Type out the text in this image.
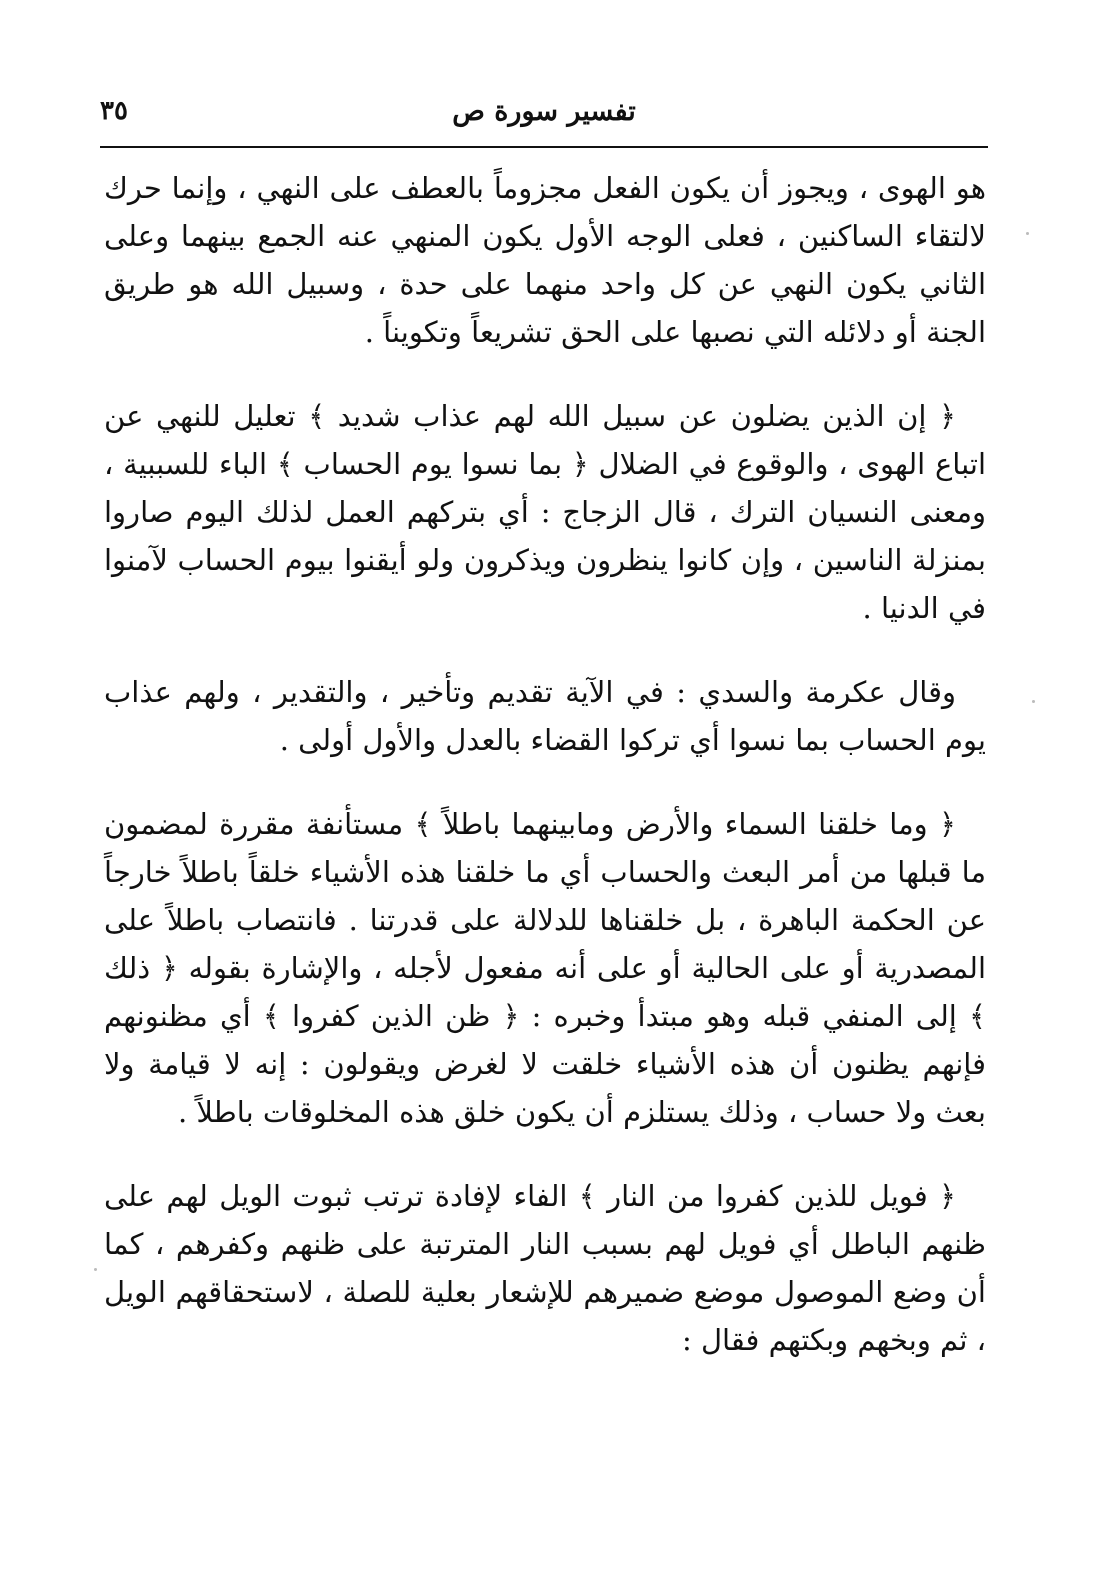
تفسير سورة ص
٣٥

هو الهوى ، ويجوز أن يكون الفعل مجزوماً بالعطف على النهي ، وإنما حرك لالتقاء الساكنين ، فعلى الوجه الأول يكون المنهي عنه الجمع بينهما وعلى الثاني يكون النهي عن كل واحد منهما على حدة ، وسبيل الله هو طريق الجنة أو دلائله التي نصبها على الحق تشريعاً وتكويناً .

﴿ إن الذين يضلون عن سبيل الله لهم عذاب شديد ﴾ تعليل للنهي عن اتباع الهوى ، والوقوع في الضلال ﴿ بما نسوا يوم الحساب ﴾ الباء للسببية ، ومعنى النسيان الترك ، قال الزجاج : أي بتركهم العمل لذلك اليوم صاروا بمنزلة الناسين ، وإن كانوا ينظرون ويذكرون ولو أيقنوا بيوم الحساب لآمنوا في الدنيا .

وقال عكرمة والسدي : في الآية تقديم وتأخير ، والتقدير ، ولهم عذاب يوم الحساب بما نسوا أي تركوا القضاء بالعدل والأول أولى .

﴿ وما خلقنا السماء والأرض ومابينهما باطلاً ﴾ مستأنفة مقررة لمضمون ما قبلها من أمر البعث والحساب أي ما خلقنا هذه الأشياء خلقاً باطلاً خارجاً عن الحكمة الباهرة ، بل خلقناها للدلالة على قدرتنا . فانتصاب باطلاً على المصدرية أو على الحالية أو على أنه مفعول لأجله ، والإشارة بقوله ﴿ ذلك ﴾ إلى المنفي قبله وهو مبتدأ وخبره : ﴿ ظن الذين كفروا ﴾ أي مظنونهم فإنهم يظنون أن هذه الأشياء خلقت لا لغرض ويقولون : إنه لا قيامة ولا بعث ولا حساب ، وذلك يستلزم أن يكون خلق هذه المخلوقات باطلاً .

﴿ فويل للذين كفروا من النار ﴾ الفاء لإفادة ترتب ثبوت الويل لهم على ظنهم الباطل أي فويل لهم بسبب النار المترتبة على ظنهم وكفرهم ، كما أن وضع الموصول موضع ضميرهم للإشعار بعلية للصلة ، لاستحقاقهم الويل ، ثم وبخهم وبكتهم فقال :
